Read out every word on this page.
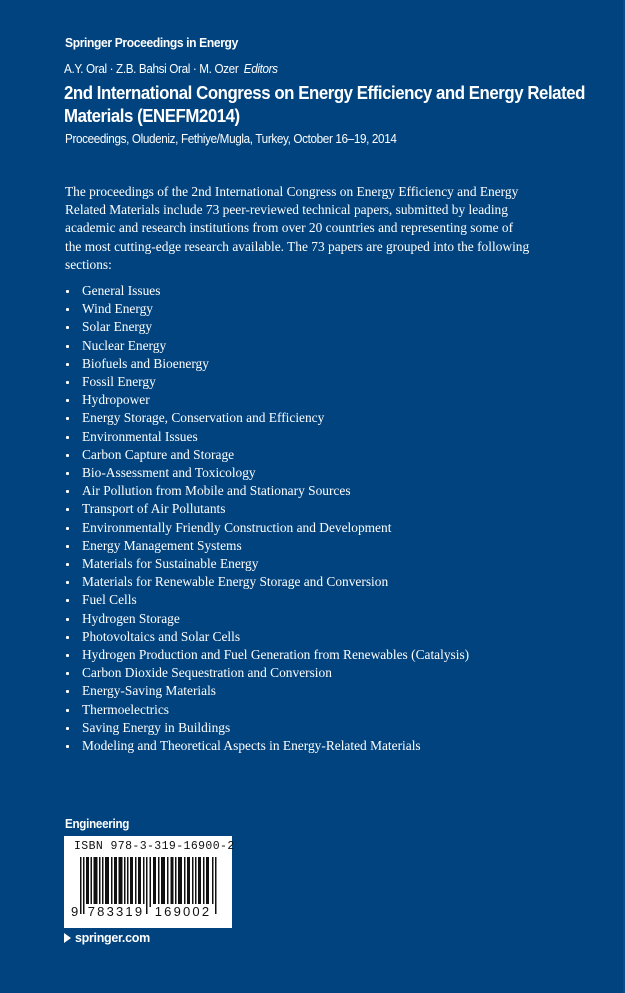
Springer Proceedings in Energy
A.Y. Oral · Z.B. Bahsi Oral · M. Ozer Editors
2nd International Congress on Energy Efficiency and Energy Related
Materials (ENEFM2014)
Proceedings, Oludeniz, Fethiye/Mugla, Turkey, October 16–19, 2014
The proceedings of the 2nd International Congress on Energy Efficiency and Energy
Related Materials include 73 peer-reviewed technical papers, submitted by leading
academic and research institutions from over 20 countries and representing some of
the most cutting-edge research available. The 73 papers are grouped into the following
sections:
General Issues
Wind Energy
Solar Energy
Nuclear Energy
Biofuels and Bioenergy
Fossil Energy
Hydropower
Energy Storage, Conservation and Efficiency
Environmental Issues
Carbon Capture and Storage
Bio-Assessment and Toxicology
Air Pollution from Mobile and Stationary Sources
Transport of Air Pollutants
Environmentally Friendly Construction and Development
Energy Management Systems
Materials for Sustainable Energy
Materials for Renewable Energy Storage and Conversion
Fuel Cells
Hydrogen Storage
Photovoltaics and Solar Cells
Hydrogen Production and Fuel Generation from Renewables (Catalysis)
Carbon Dioxide Sequestration and Conversion
Energy-Saving Materials
Thermoelectrics
Saving Energy in Buildings
Modeling and Theoretical Aspects in Energy-Related Materials
Engineering
ISBN 978-3-319-16900-2
9 783319 169002
springer.com
